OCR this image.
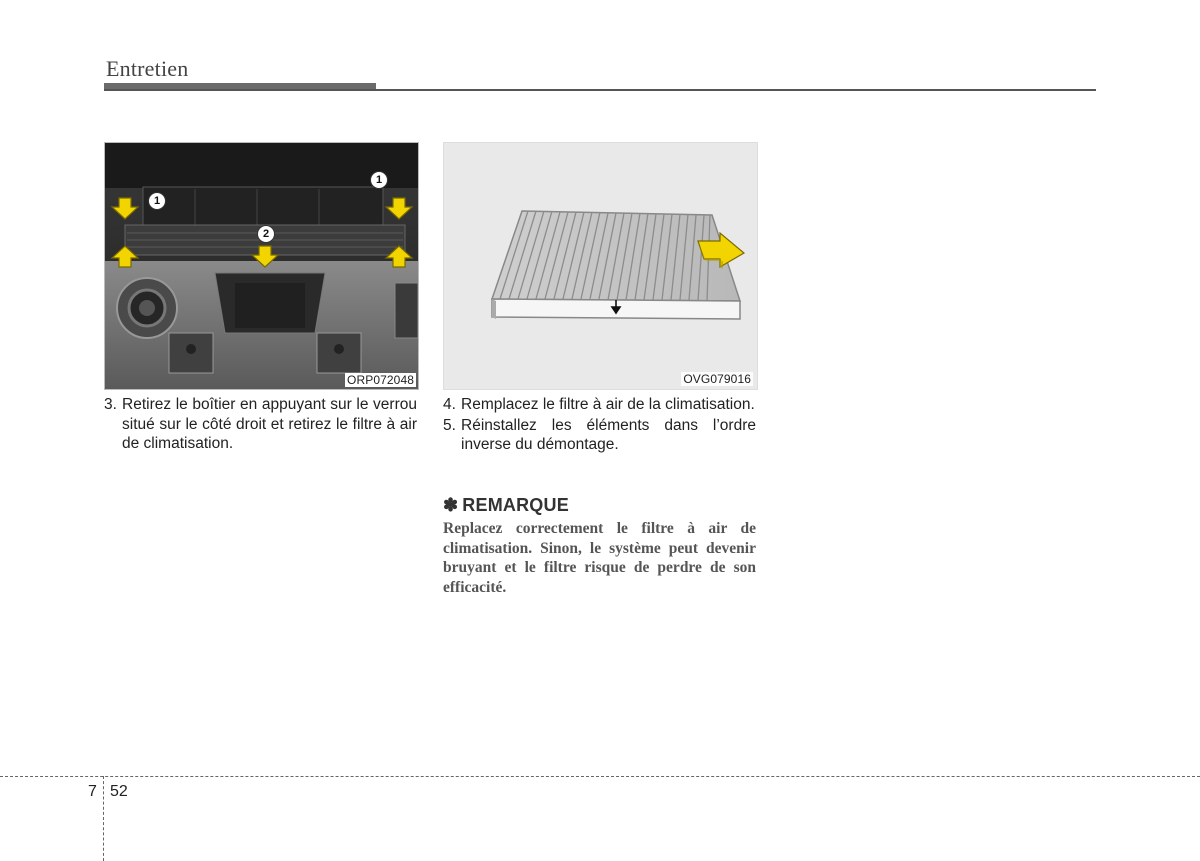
Entretien
1
1
2
ORP072048	OVG079016
3. Retirez le boîtier en appuyant sur le verrou situé sur le côté droit et retirez le filtre à air de climatisation.
4. Remplacez le filtre à air de la climatisation.
5. Réinstallez les éléments dans l’ordre inverse du démontage.
✽ REMARQUE
Replacez correctement le filtre à air de climatisation. Sinon, le système peut devenir bruyant et le filtre risque de perdre de son efficacité.
7 52
